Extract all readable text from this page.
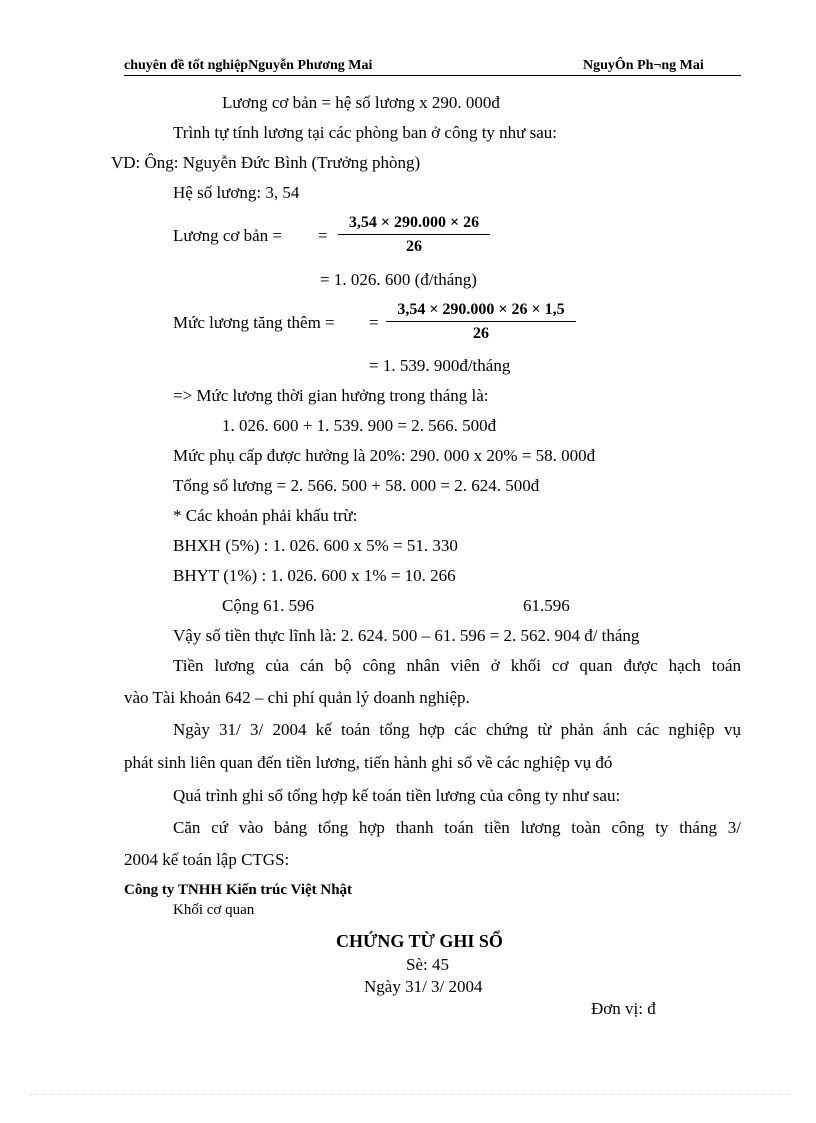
chuyên đề tốt nghiệpNguyễn Phương Mai	NguyÔn Ph¬ng Mai
Lương cơ bản = hệ số lương x 290. 000đ
Trình tự tính lương tại các phòng ban ở công ty như sau:
VD: Ông: Nguyễn Đức Bình (Trưởng phòng)
Hệ số lương: 3, 54
Lương cơ bản = = $\frac{3,54 \times 290.000 \times 26}{26}$
= 1. 026. 600 (đ/tháng)
Mức lương tăng thêm = = $\frac{3,54 \times 290.000 \times 26 \times 1,5}{26}$
= 1. 539. 900đ/tháng
=> Mức lương thời gian hưởng trong tháng là:
1. 026. 600 + 1. 539. 900 = 2. 566. 500đ
Mức phụ cấp được hưởng là 20%: 290. 000 x 20% = 58. 000đ
Tổng số lương = 2. 566. 500 + 58. 000 = 2. 624. 500đ
* Các khoản phải khấu trừ:
BHXH (5%) : 1. 026. 600 x 5% = 51. 330
BHYT (1%) : 1. 026. 600 x 1% = 10. 266
Cộng 61. 596	61.596
Vậy số tiền thực lĩnh là: 2. 624. 500 – 61. 596 = 2. 562. 904 đ/ tháng
Tiền lương của cán bộ công nhân viên ở khối cơ quan được hạch toán
vào Tài khoản 642 – chi phí quản lý doanh nghiệp.
Ngày 31/ 3/ 2004 kế toán tổng hợp các chứng từ phản ánh các nghiệp vụ
phát sinh liên quan đến tiền lương, tiến hành ghi sổ về các nghiệp vụ đó
Quá trình ghi sổ tổng hợp kế toán tiền lương của công ty như sau:
Căn cứ vào bảng tổng hợp thanh toán tiền lương toàn công ty tháng 3/
2004 kế toán lập CTGS:
Công ty TNHH Kiến trúc Việt Nhật
Khối cơ quan
CHỨNG TỪ GHI SỔ
Sè: 45
Ngày 31/ 3/ 2004
Đơn vị: đ
